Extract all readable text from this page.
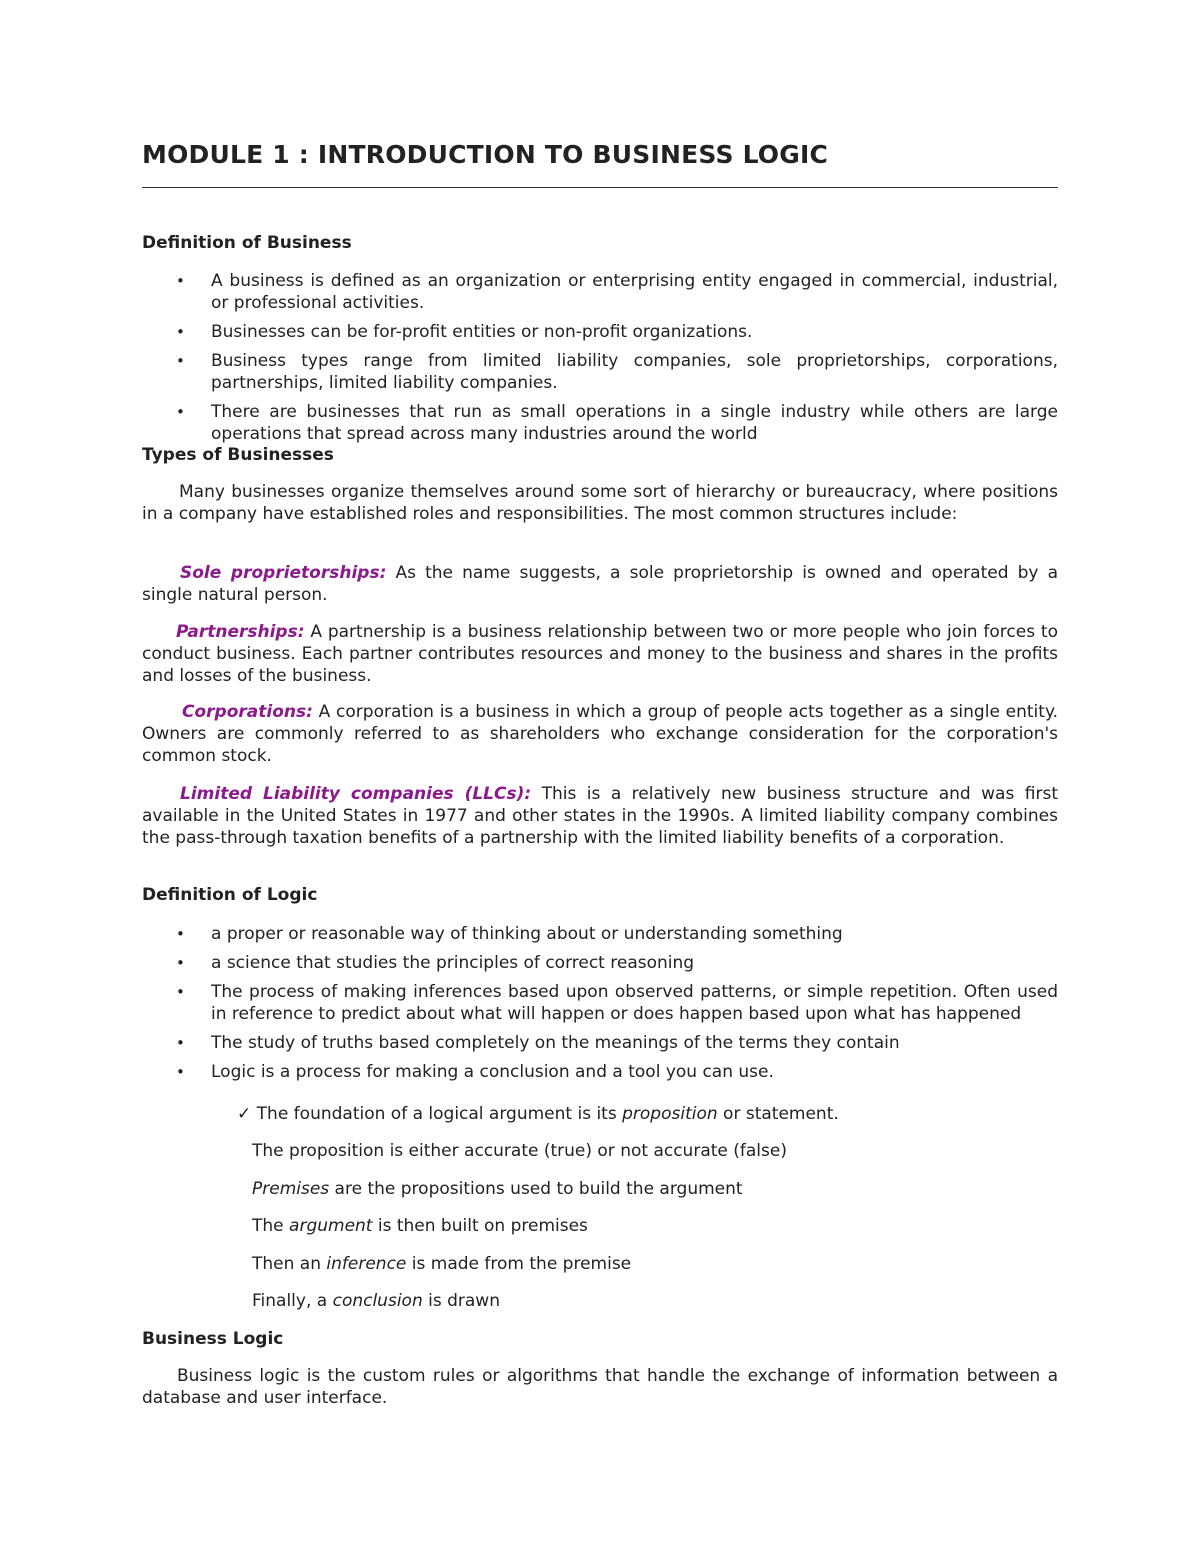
MODULE 1 : INTRODUCTION TO BUSINESS LOGIC
Definition of Business
• A business is defined as an organization or enterprising entity engaged in commercial, industrial, or professional activities.
• Businesses can be for-profit entities or non-profit organizations.
• Business types range from limited liability companies, sole proprietorships, corporations, partnerships, limited liability companies.
• There are businesses that run as small operations in a single industry while others are large operations that spread across many industries around the world
Types of Businesses

Many businesses organize themselves around some sort of hierarchy or bureaucracy, where positions in a company have established roles and responsibilities. The most common structures include:

Sole proprietorships: As the name suggests, a sole proprietorship is owned and operated by a single natural person.

Partnerships: A partnership is a business relationship between two or more people who join forces to conduct business. Each partner contributes resources and money to the business and shares in the profits and losses of the business.

Corporations: A corporation is a business in which a group of people acts together as a single entity. Owners are commonly referred to as shareholders who exchange consideration for the corporation's common stock.

Limited Liability companies (LLCs): This is a relatively new business structure and was first available in the United States in 1977 and other states in the 1990s. A limited liability company combines the pass-through taxation benefits of a partnership with the limited liability benefits of a corporation.

Definition of Logic
• a proper or reasonable way of thinking about or understanding something
• a science that studies the principles of correct reasoning
• The process of making inferences based upon observed patterns, or simple repetition. Often used in reference to predict about what will happen or does happen based upon what has happened
• The study of truths based completely on the meanings of the terms they contain
• Logic is a process for making a conclusion and a tool you can use.
✓ The foundation of a logical argument is its proposition or statement.

The proposition is either accurate (true) or not accurate (false)

Premises are the propositions used to build the argument

The argument is then built on premises

Then an inference is made from the premise

Finally, a conclusion is drawn

Business Logic

Business logic is the custom rules or algorithms that handle the exchange of information between a database and user interface.
